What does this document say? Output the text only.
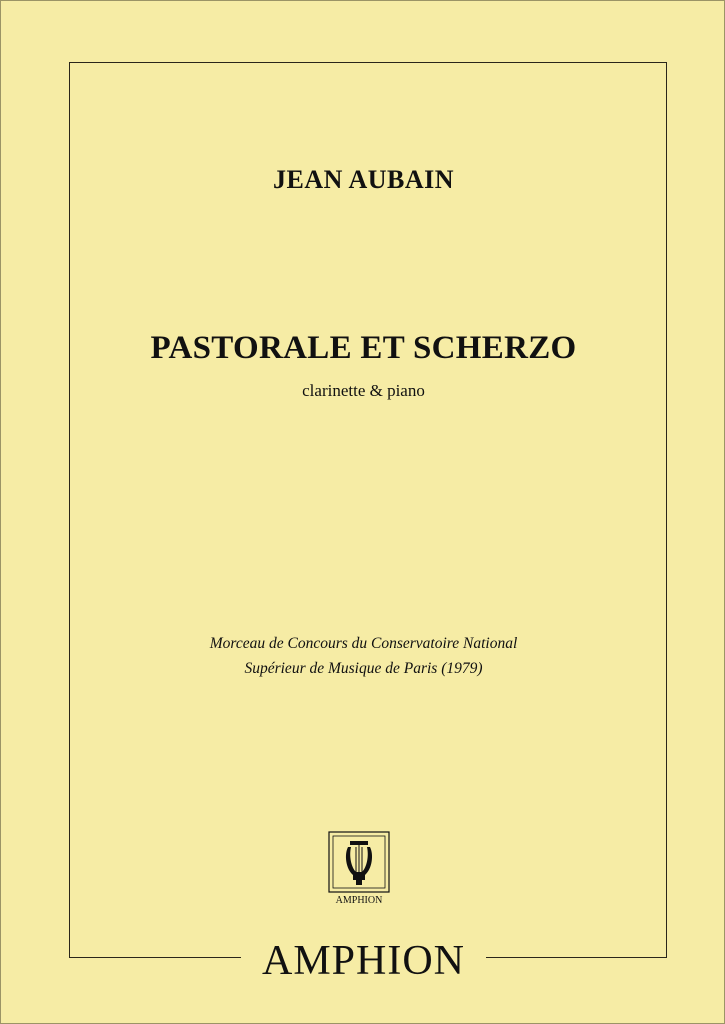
JEAN AUBAIN
PASTORALE ET SCHERZO
clarinette & piano
Morceau de Concours du Conservatoire National
Supérieur de Musique de Paris (1979)
AMPHION
AMPHION
